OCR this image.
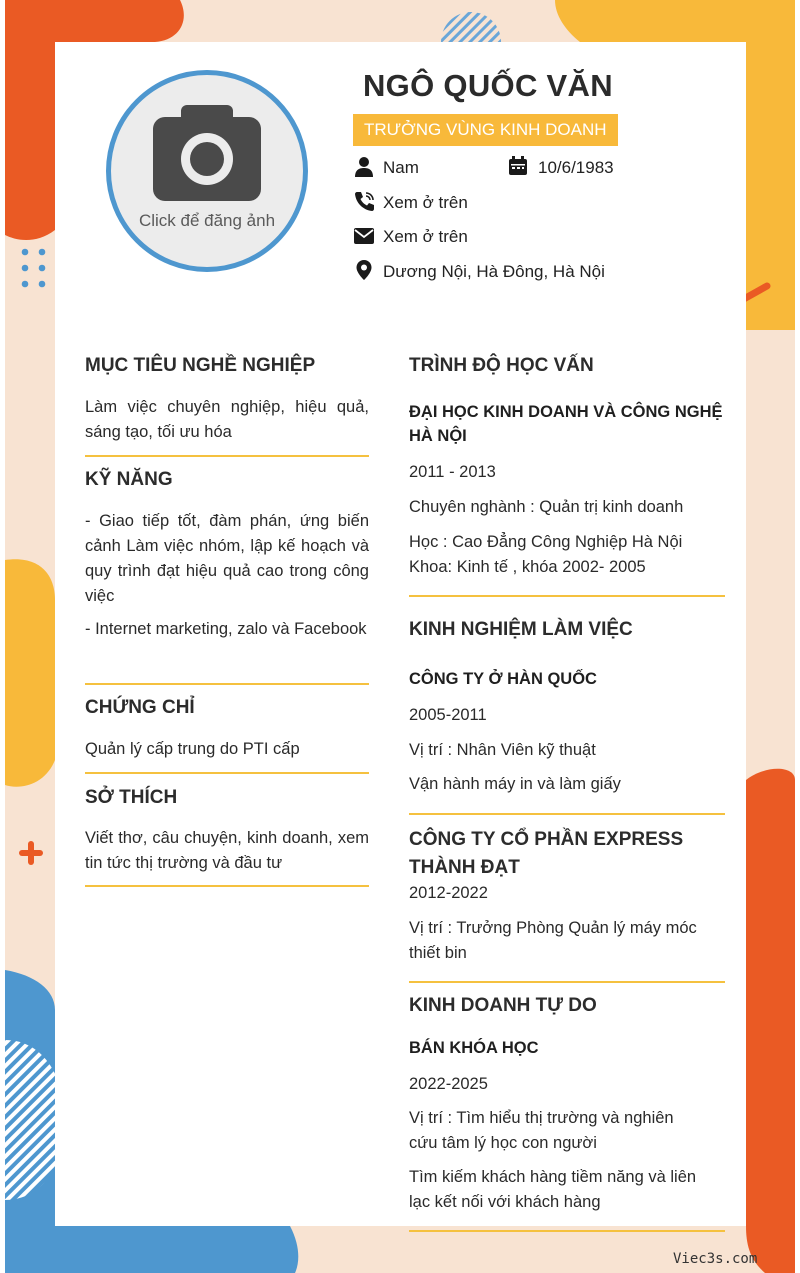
Click để đăng ảnh
NGÔ QUỐC VĂN
TRƯỞNG VÙNG KINH DOANH
Nam	10/6/1983
Xem ở trên
Xem ở trên
Dương Nội, Hà Đông, Hà Nội
MỤC TIÊU NGHỀ NGHIỆP
Làm việc chuyên nghiệp, hiệu quả, sáng tạo, tối ưu hóa
KỸ NĂNG
- Giao tiếp tốt, đàm phán, ứng biến cảnh Làm việc nhóm, lập kế hoạch và quy trình đạt hiệu quả cao trong công việc
- Internet marketing, zalo và Facebook
CHỨNG CHỈ
Quản lý cấp trung do PTI cấp
SỞ THÍCH
Viết thơ, câu chuyện, kinh doanh, xem tin tức thị trường và đầu tư
TRÌNH ĐỘ HỌC VẤN
ĐẠI HỌC KINH DOANH VÀ CÔNG NGHỆ HÀ NỘI
2011 - 2013
Chuyên nghành : Quản trị kinh doanh
Học : Cao Đẳng Công Nghiệp Hà Nội Khoa: Kinh tế , khóa 2002- 2005
KINH NGHIỆM LÀM VIỆC
CÔNG TY Ở HÀN QUỐC
2005-2011
Vị trí : Nhân Viên kỹ thuật
Vận hành máy in và làm giấy
CÔNG TY CỔ PHẦN EXPRESS THÀNH ĐẠT
2012-2022
Vị trí : Trưởng Phòng Quản lý máy móc thiết bin
KINH DOANH TỰ DO
BÁN KHÓA HỌC
2022-2025
Vị trí : Tìm hiểu thị trường và nghiên cứu tâm lý học con người
Tìm kiếm khách hàng tiềm năng và liên lạc kết nối với khách hàng
Viec3s.com
